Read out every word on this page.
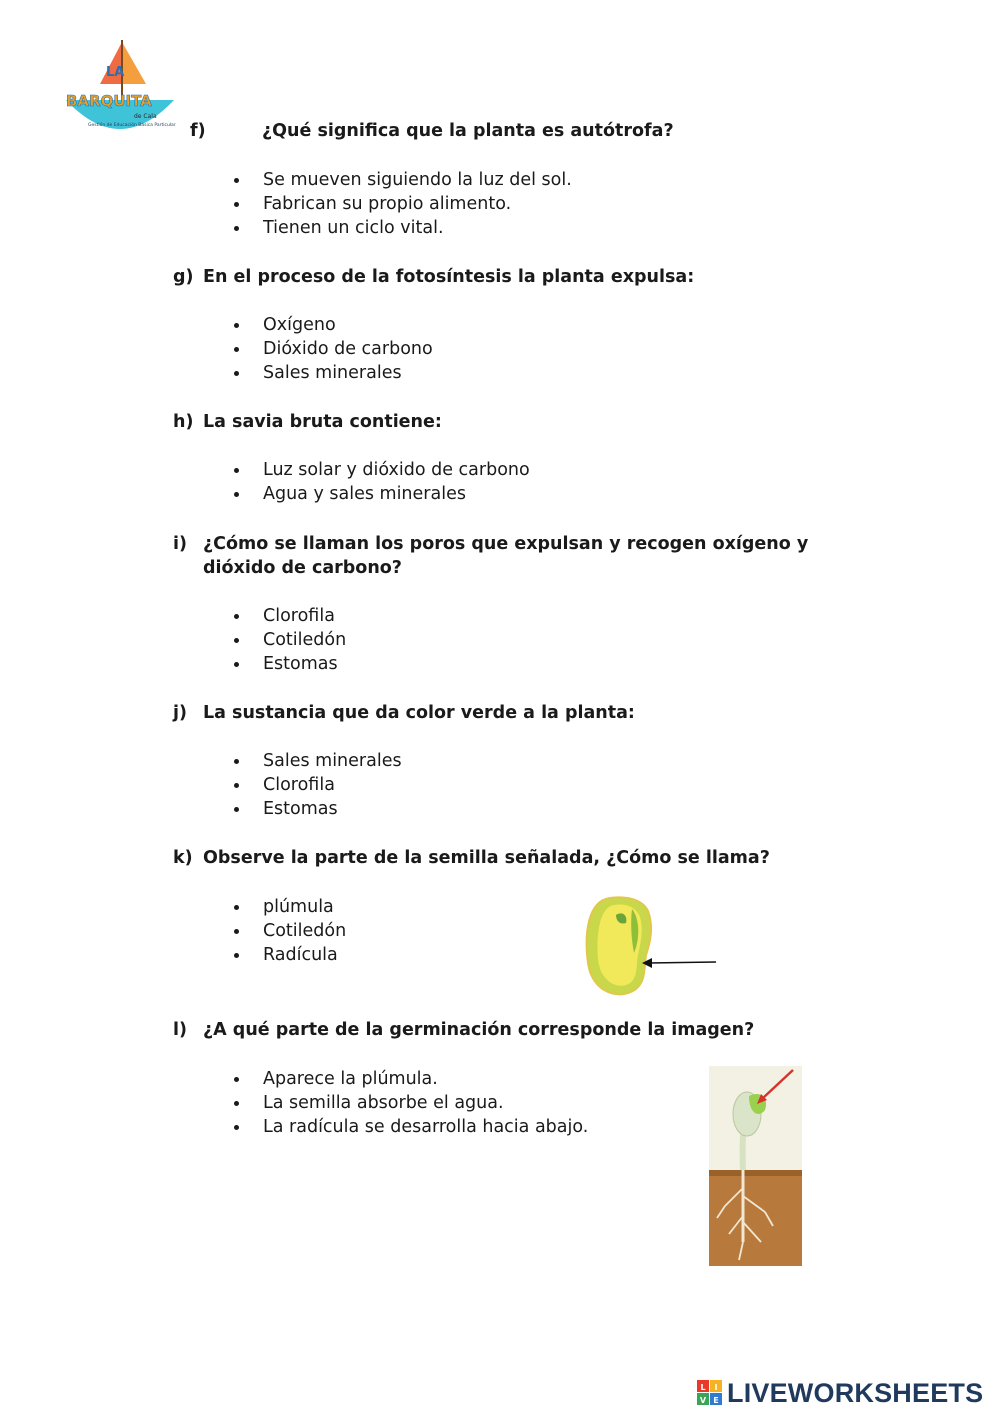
LA
BARQUITA
de Cala
Gestión de Educación Básica Particular f)	¿Qué significa que la planta es autótrofa?
Se mueven siguiendo la luz del sol.
Fabrican su propio alimento.
Tienen un ciclo vital.
g) En el proceso de la fotosíntesis la planta expulsa:
Oxígeno
Dióxido de carbono
Sales minerales
h) La savia bruta contiene:
Luz solar y dióxido de carbono
Agua y sales minerales
i) ¿Cómo se llaman los poros que expulsan y recogen oxígeno y dióxido de carbono?
Clorofila
Cotiledón
Estomas
j) La sustancia que da color verde a la planta:
Sales minerales
Clorofila
Estomas
k) Observe la parte de la semilla señalada, ¿Cómo se llama?
plúmula
Cotiledón
Radícula
l) ¿A qué parte de la germinación corresponde la imagen?
Aparece la plúmula.
La semilla absorbe el agua.
La radícula se desarrolla hacia abajo.
L I
V E LIVEWORKSHEETS
